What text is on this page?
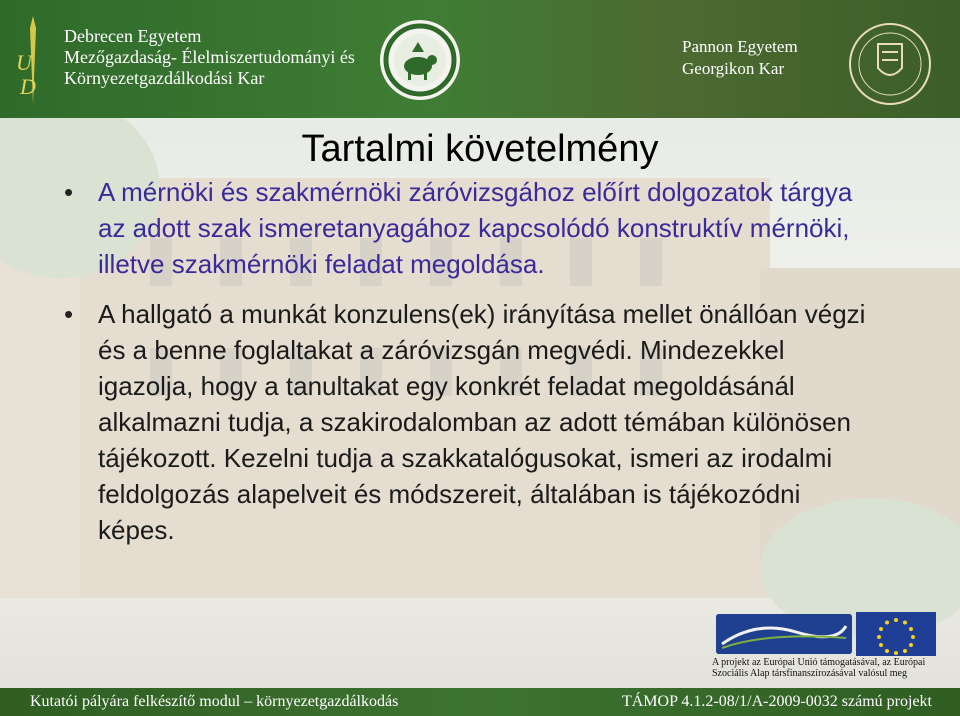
U
D
Debrecen Egyetem
Mezőgazdaság- Élelmiszertudományi és
Környezetgazdálkodási Kar
Pannon Egyetem
Georgikon Kar
Tartalmi követelmény
• A mérnöki és szakmérnöki záróvizsgához előírt dolgozatok tárgya az adott szak ismeretanyagához kapcsolódó konstruktív mérnöki, illetve szakmérnöki feladat megoldása.
• A hallgató a munkát konzulens(ek) irányítása mellet önállóan végzi és a benne foglaltakat a záróvizsgán megvédi. Mindezekkel igazolja, hogy a tanultakat egy konkrét feladat megoldásánál alkalmazni tudja, a szakirodalomban az adott témában különösen tájékozott. Kezelni tudja a szakkatalógusokat, ismeri az irodalmi feldolgozás alapelveit és módszereit, általában is tájékozódni képes.
A projekt az Európai Unió támogatásával, az Európai Szociális Alap társfinanszírozásával valósul meg
Kutatói pályára felkészítő modul – környezetgazdálkodás	TÁMOP 4.1.2-08/1/A-2009-0032 számú projekt
